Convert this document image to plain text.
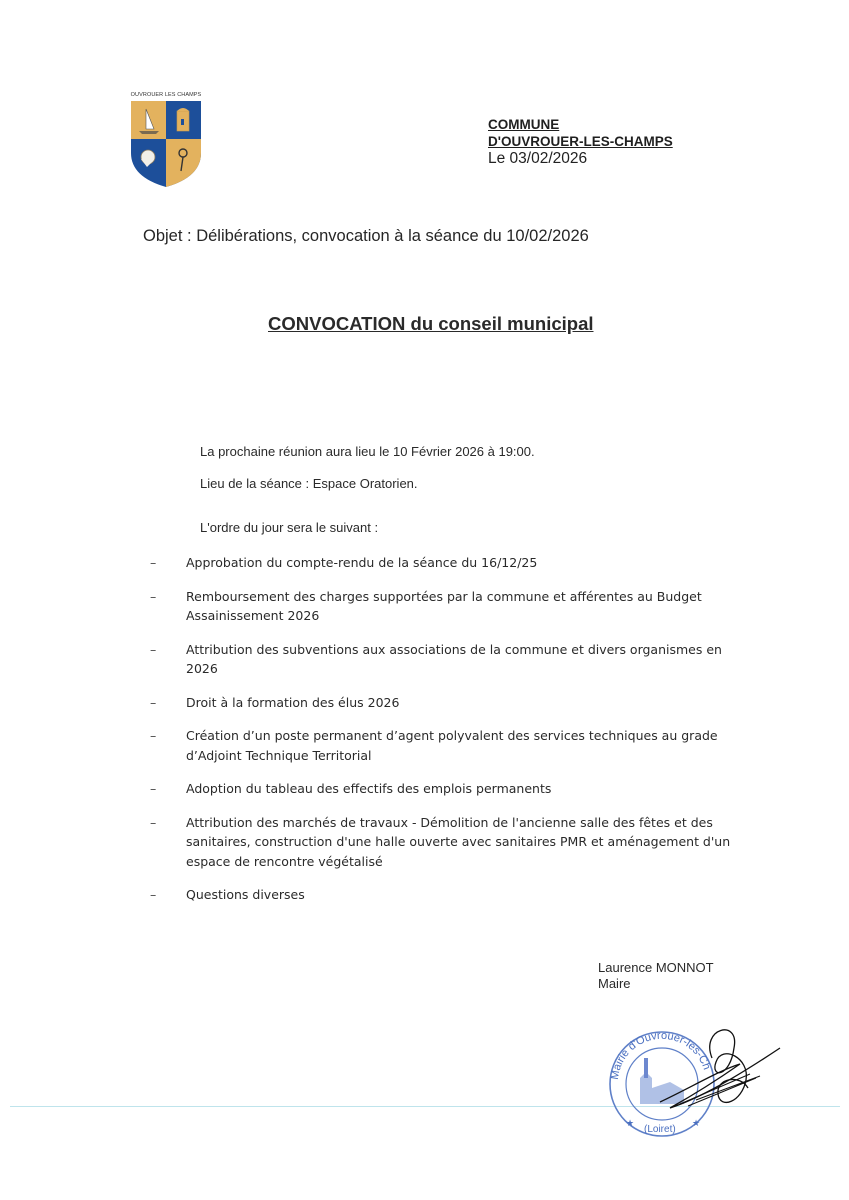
OUVROUER LES CHAMPS
COMMUNE
D'OUVROUER-LES-CHAMPS
Le 03/02/2026
Objet : Délibérations, convocation à la séance du 10/02/2026
CONVOCATION du conseil municipal
La prochaine réunion aura lieu le 10 Février 2026 à 19:00.
Lieu de la séance : Espace Oratorien.
L'ordre du jour sera le suivant :
–	Approbation du compte-rendu de la séance du 16/12/25
–	Remboursement des charges supportées par la commune et afférentes au Budget Assainissement 2026
–	Attribution des subventions aux associations de la commune et divers organismes en 2026
–	Droit à la formation des élus 2026
–	Création d’un poste permanent d’agent polyvalent des services techniques au grade d’Adjoint Technique Territorial
–	Adoption du tableau des effectifs des emplois permanents
–	Attribution des marchés de travaux - Démolition de l'ancienne salle des fêtes et des sanitaires, construction d'une halle ouverte avec sanitaires PMR et aménagement d'un espace de rencontre végétalisé
–	Questions diverses
Laurence MONNOT
Maire
Mairie d'Ouvrouer-les-Ch
(Loiret)
★	★
